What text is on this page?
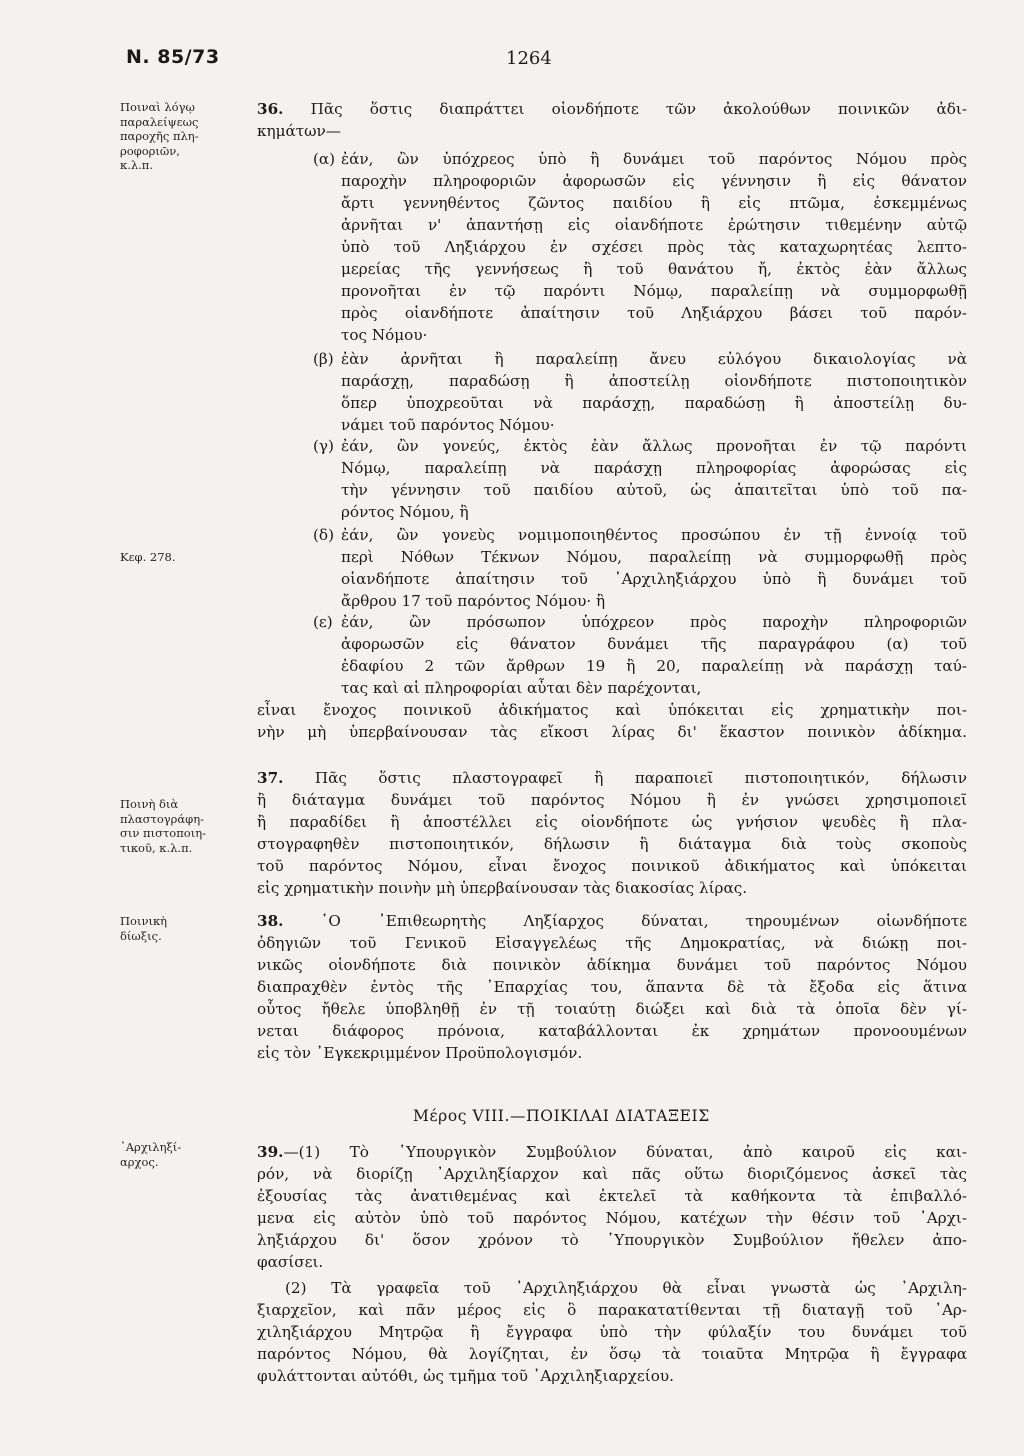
N. 85/73	1264
Ποιναὶ λόγῳ
παραλείψεως
παροχῆς πλη-
ροφοριῶν,
κ.λ.π.
Κεφ. 278.
Ποινὴ διὰ
πλαστογράφη-
σιν πιστοποιη-
τικοῦ, κ.λ.π.
Ποινικὴ
δίωξις.
᾿Αρχιληξί-
αρχος.
36. Πᾶς ὅστις διαπράττει οἱονδήποτε τῶν ἀκολούθων ποινικῶν ἀδι-
κημάτων—
(α) ἐάν, ὢν ὑπόχρεος ὑπὸ ἢ δυνάμει τοῦ παρόντος Νόμου πρὸς
παροχὴν πληροφοριῶν ἀφορωσῶν εἰς γέννησιν ἢ εἰς θάνατον
ἄρτι γεννηθέντος ζῶντος παιδίου ἢ εἰς πτῶμα, ἐσκεμμένως
ἀρνῆται ν' ἀπαντήσῃ εἰς οἱανδήποτε ἐρώτησιν τιθεμένην αὐτῷ
ὑπὸ τοῦ Ληξιάρχου ἐν σχέσει πρὸς τὰς καταχωρητέας λεπτο-
μερείας τῆς γεννήσεως ἢ τοῦ θανάτου ἤ, ἐκτὸς ἐὰν ἄλλως
προνοῆται ἐν τῷ παρόντι Νόμῳ, παραλείπῃ νὰ συμμορφωθῇ
πρὸς οἱανδήποτε ἀπαίτησιν τοῦ Ληξιάρχου βάσει τοῦ παρόν-
τος Νόμου·
(β) ἐὰν ἀρνῆται ἢ παραλείπῃ ἄνευ εὐλόγου δικαιολογίας νὰ
παράσχῃ, παραδώσῃ ἢ ἀποστείλῃ οἱονδήποτε πιστοποιητικὸν
ὅπερ ὑποχρεοῦται νὰ παράσχῃ, παραδώσῃ ἢ ἀποστείλῃ δυ-
νάμει τοῦ παρόντος Νόμου·
(γ) ἐάν, ὢν γονεύς, ἐκτὸς ἐὰν ἄλλως προνοῆται ἐν τῷ παρόντι
Νόμῳ, παραλείπῃ νὰ παράσχῃ πληροφορίας ἀφορώσας εἰς
τὴν γέννησιν τοῦ παιδίου αὐτοῦ, ὡς ἀπαιτεῖται ὑπὸ τοῦ πα-
ρόντος Νόμου, ἢ
(δ) ἐάν, ὢν γονεὺς νομιμοποιηθέντος προσώπου ἐν τῇ ἐννοίᾳ τοῦ
περὶ Νόθων Τέκνων Νόμου, παραλείπῃ νὰ συμμορφωθῇ πρὸς
οἱανδήποτε ἀπαίτησιν τοῦ ᾿Αρχιληξιάρχου ὑπὸ ἢ δυνάμει τοῦ
ἄρθρου 17 τοῦ παρόντος Νόμου· ἢ
(ε) ἐάν, ὢν πρόσωπον ὑπόχρεον πρὸς παροχὴν πληροφοριῶν
ἀφορωσῶν εἰς θάνατον δυνάμει τῆς παραγράφου (α) τοῦ
ἐδαφίου 2 τῶν ἄρθρων 19 ἢ 20, παραλείπῃ νὰ παράσχῃ ταύ-
τας καὶ αἱ πληροφορίαι αὗται δὲν παρέχονται,
εἶναι ἔνοχος ποινικοῦ ἀδικήματος καὶ ὑπόκειται εἰς χρηματικὴν ποι-
νὴν μὴ ὑπερβαίνουσαν τὰς εἴκοσι λίρας δι' ἕκαστον ποινικὸν ἀδίκημα.
37. Πᾶς ὅστις πλαστογραφεῖ ἢ παραποιεῖ πιστοποιητικόν, δήλωσιν
ἢ διάταγμα δυνάμει τοῦ παρόντος Νόμου ἢ ἐν γνώσει χρησιμοποιεῖ
ἢ παραδίδει ἢ ἀποστέλλει εἰς οἱονδήποτε ὡς γνήσιον ψευδὲς ἢ πλα-
στογραφηθὲν πιστοποιητικόν, δήλωσιν ἢ διάταγμα διὰ τοὺς σκοποὺς
τοῦ παρόντος Νόμου, εἶναι ἔνοχος ποινικοῦ ἀδικήματος καὶ ὑπόκειται
εἰς χρηματικὴν ποινὴν μὴ ὑπερβαίνουσαν τὰς διακοσίας λίρας.
38. ῾Ο ᾿Επιθεωρητὴς Ληξίαρχος δύναται, τηρουμένων οἱωνδήποτε
ὁδηγιῶν τοῦ Γενικοῦ Εἰσαγγελέως τῆς Δημοκρατίας, νὰ διώκῃ ποι-
νικῶς οἱονδήποτε διὰ ποινικὸν ἀδίκημα δυνάμει τοῦ παρόντος Νόμου
διαπραχθὲν ἐντὸς τῆς ᾿Επαρχίας του, ἅπαντα δὲ τὰ ἔξοδα εἰς ἅτινα
οὗτος ἤθελε ὑποβληθῇ ἐν τῇ τοιαύτῃ διώξει καὶ διὰ τὰ ὁποῖα δὲν γί-
νεται διάφορος πρόνοια, καταβάλλονται ἐκ χρημάτων προνοουμένων
εἰς τὸν ᾿Εγκεκριμμένον Προϋπολογισμόν.
Μέρος VIII.—ΠΟΙΚΙΛΑΙ ΔΙΑΤΑΞΕΙΣ
39.—(1) Τὸ ῾Υπουργικὸν Συμβούλιον δύναται, ἀπὸ καιροῦ εἰς και-
ρόν, νὰ διορίζῃ ᾿Αρχιληξίαρχον καὶ πᾶς οὕτω διοριζόμενος ἀσκεῖ τὰς
ἐξουσίας τὰς ἀνατιθεμένας καὶ ἐκτελεῖ τὰ καθήκοντα τὰ ἐπιβαλλό-
μενα εἰς αὐτὸν ὑπὸ τοῦ παρόντος Νόμου, κατέχων τὴν θέσιν τοῦ ᾿Αρχι-
ληξιάρχου δι' ὅσον χρόνον τὸ ῾Υπουργικὸν Συμβούλιον ἤθελεν ἀπο-
φασίσει.
(2) Τὰ γραφεῖα τοῦ ᾿Αρχιληξιάρχου θὰ εἶναι γνωστὰ ὡς ᾿Αρχιλη-
ξιαρχεῖον, καὶ πᾶν μέρος εἰς ὃ παρακατατίθενται τῇ διαταγῇ τοῦ ᾿Αρ-
χιληξιάρχου Μητρῷα ἢ ἔγγραφα ὑπὸ τὴν φύλαξίν του δυνάμει τοῦ
παρόντος Νόμου, θὰ λογίζηται, ἐν ὅσῳ τὰ τοιαῦτα Μητρῷα ἢ ἔγγραφα
φυλάττονται αὐτόθι, ὡς τμῆμα τοῦ ᾿Αρχιληξιαρχείου.
